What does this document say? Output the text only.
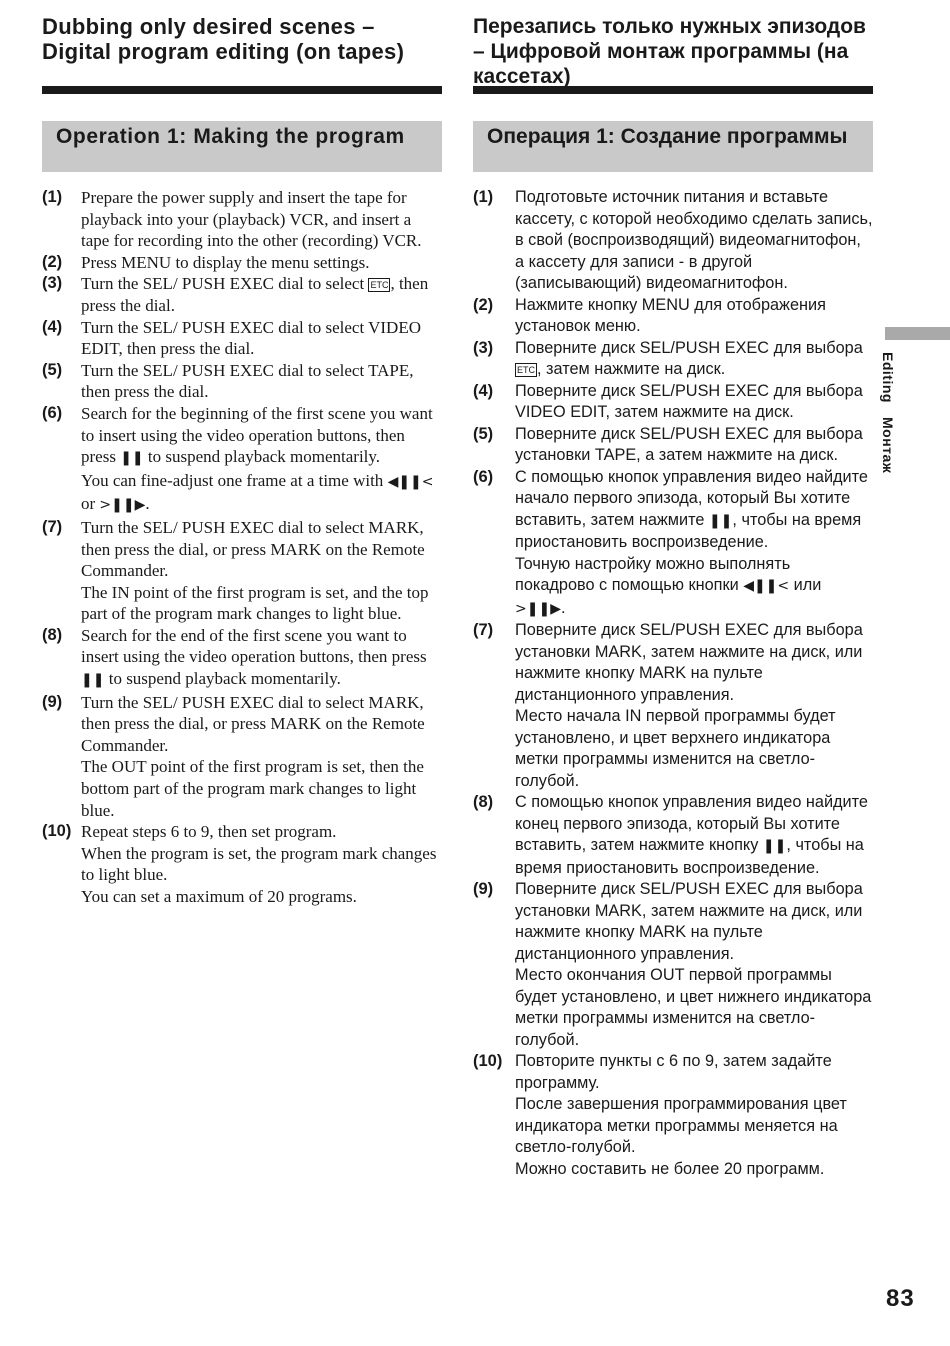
Dubbing only desired scenes – Digital program editing (on tapes)
Operation 1: Making the program
(1)	Prepare the power supply and insert the tape for playback into your (playback) VCR, and insert a tape for recording into the other (recording) VCR.

(2)	Press MENU to display the menu settings.

(3)	Turn the SEL/ PUSH EXEC dial to select ETC , then press the dial.

(4)	Turn the SEL/ PUSH EXEC dial to select VIDEO EDIT, then press the dial.

(5)	Turn the SEL/ PUSH EXEC dial to select TAPE, then press the dial.

(6)	Search for the beginning of the first scene you want to insert using the video operation buttons, then press ❚❚ to suspend playback momentarily.

You can fine-adjust one frame at a time with ◀❚❚< or >❚❚▶.

(7)	Turn the SEL/ PUSH EXEC dial to select MARK, then press the dial, or press MARK on the Remote Commander.

The IN point of the first program is set, and the top part of the program mark changes to light blue.

(8)	Search for the end of the first scene you want to insert using the video operation buttons, then press ❚❚ to suspend playback momentarily.

(9)	Turn the SEL/ PUSH EXEC dial to select MARK, then press the dial, or press MARK on the Remote Commander.

The OUT point of the first program is set, then the bottom part of the program mark changes to light blue.

(10) Repeat steps 6 to 9, then set program.

When the program is set, the program mark changes to light blue.

You can set a maximum of 20 programs.

Перезапись только нужных эпизодов – Цифровой монтаж программы (на кассетах)
Операция 1: Создание программы
(1)	Подготовьте источник питания и вставьте кассету, с которой необходимо сделать запись, в свой (воспроизводящий) видеомагнитофон, а кассету для записи - в другой (записывающий) видеомагнитофон.

(2)	Нажмите кнопку MENU для отображения установок меню.

(3)	Поверните диск SEL/PUSH EXEC для выбора ETC , затем нажмите на диск.

(4)	Поверните диск SEL/PUSH EXEC для выбора VIDEO EDIT, затем нажмите на диск.

(5)	Поверните диск SEL/PUSH EXEC для выбора установки TAPE, а затем нажмите на диск.

(6)	С помощью кнопок управления видео найдите начало первого эпизода, который Вы хотите вставить, затем нажмите ❚❚, чтобы на время приостановить воспроизведение.

Точную настройку можно выполнять покадрово с помощью кнопки ◀❚❚< или >❚❚▶.

(7)	Поверните диск SEL/PUSH EXEC для выбора установки MARK, затем нажмите на диск, или нажмите кнопку MARK на пульте дистанционного управления.

Место начала IN первой программы будет установлено, и цвет верхнего индикатора метки программы изменится на светло-голубой.

(8)	С помощью кнопок управления видео найдите конец первого эпизода, который Вы хотите вставить, затем нажмите кнопку ❚❚, чтобы на время приостановить воспроизведение.

(9)	Поверните диск SEL/PUSH EXEC для выбора установки MARK, затем нажмите на диск, или нажмите кнопку MARK на пульте дистанционного управления.

Место окончания OUT первой программы будет установлено, и цвет нижнего индикатора метки программы изменится на светло-голубой.

(10) Повторите пункты с 6 по 9, затем задайте программу.

После завершения программирования цвет индикатора метки программы меняется на светло-голубой.

Можно составить не более 20 программ.

EditingМонтаж
83
